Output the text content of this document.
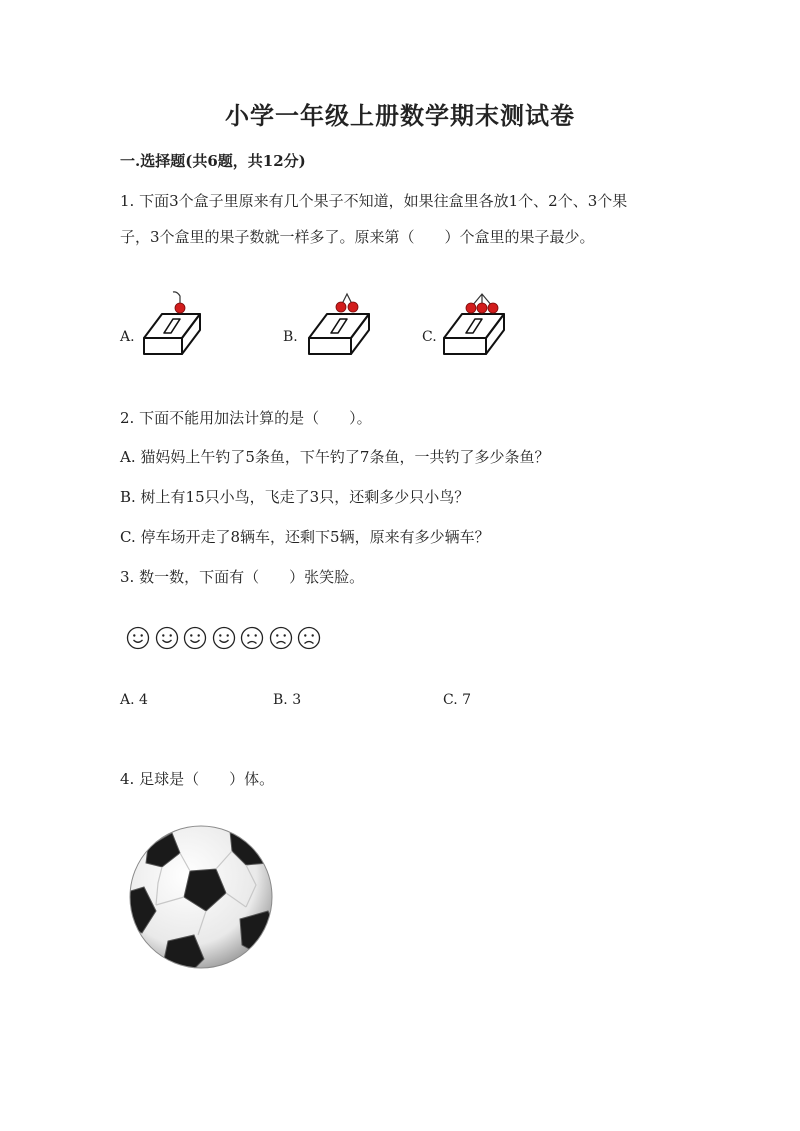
小学一年级上册数学期末测试卷
一.选择题(共6题，共12分)
1. 下面3个盒子里原来有几个果子不知道，如果往盒里各放1个、2个、3个果
子，3个盒里的果子数就一样多了。原来第（　　）个盒里的果子最少。
A.	B.	C.
2. 下面不能用加法计算的是（　　）。
A. 猫妈妈上午钓了5条鱼，下午钓了7条鱼，一共钓了多少条鱼？
B. 树上有15只小鸟，飞走了3只，还剩多少只小鸟？
C. 停车场开走了8辆车，还剩下5辆，原来有多少辆车？
3. 数一数，下面有（　　）张笑脸。
A. 4	B. 3	C. 7
4. 足球是（　　）体。
